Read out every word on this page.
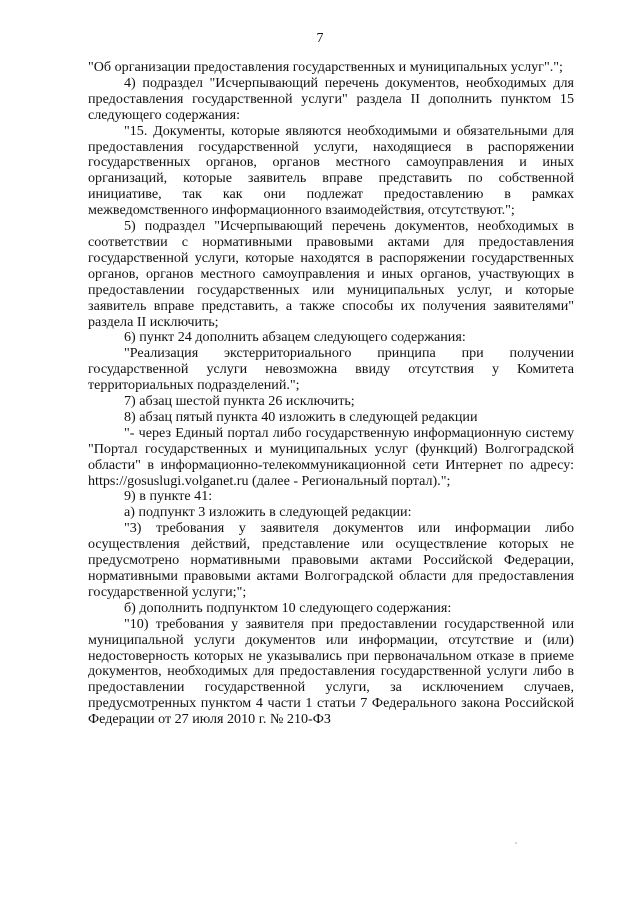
7

"Об организации предоставления государственных и муниципальных услуг".";

4) подраздел "Исчерпывающий перечень документов, необходимых для предоставления государственной услуги" раздела II дополнить пунктом 15 следующего содержания:

"15. Документы, которые являются необходимыми и обязательными для предоставления государственной услуги, находящиеся в распоряжении государственных органов, органов местного самоуправления и иных организаций, которые заявитель вправе представить по собственной инициативе, так как они подлежат предоставлению в рамках межведомственного информационного взаимодействия, отсутствуют.";

5) подраздел "Исчерпывающий перечень документов, необходимых в соответствии с нормативными правовыми актами для предоставления государственной услуги, которые находятся в распоряжении государственных органов, органов местного самоуправления и иных органов, участвующих в предоставлении государственных или муниципальных услуг, и которые заявитель вправе представить, а также способы их получения заявителями" раздела II исключить;

6) пункт 24 дополнить абзацем следующего содержания:

"Реализация экстерриториального принципа при получении государственной услуги невозможна ввиду отсутствия у Комитета территориальных подразделений.";

7) абзац шестой пункта 26 исключить;

8) абзац пятый пункта 40 изложить в следующей редакции

"- через Единый портал либо государственную информационную систему "Портал государственных и муниципальных услуг (функций) Волгоградской области" в информационно-телекоммуникационной сети Интернет по адресу: https://gosuslugi.volganet.ru (далее - Региональный портал).";

9) в пункте 41:

а) подпункт 3 изложить в следующей редакции:

"3) требования у заявителя документов или информации либо осуществления действий, представление или осуществление которых не предусмотрено нормативными правовыми актами Российской Федерации, нормативными правовыми актами Волгоградской области для предоставления государственной услуги;";

б) дополнить подпунктом 10 следующего содержания:

"10) требования у заявителя при предоставлении государственной или муниципальной услуги документов или информации, отсутствие и (или) недостоверность которых не указывались при первоначальном отказе в приеме документов, необходимых для предоставления государственной услуги либо в предоставлении государственной услуги, за исключением случаев, предусмотренных пунктом 4 части 1 статьи 7 Федерального закона Российской Федерации от 27 июля 2010 г. № 210-ФЗ
